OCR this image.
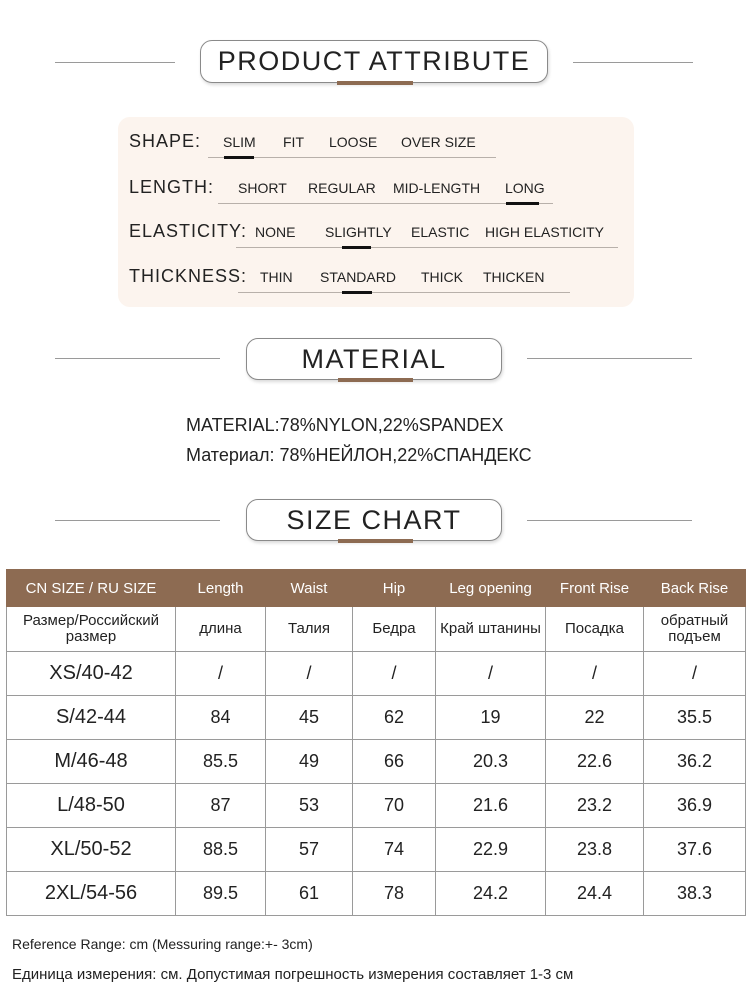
PRODUCT ATTRIBUTE
SHAPE: SLIM FIT LOOSE OVER SIZE
LENGTH: SHORT REGULAR MID-LENGTH LONG
ELASTICITY: NONE SLIGHTLY ELASTIC HIGH ELASTICITY
THICKNESS: THIN STANDARD THICK THICKEN
MATERIAL
MATERIAL:78%NYLON,22%SPANDEX
Материал: 78%НЕЙЛОН,22%СПАНДЕКС
SIZE CHART
CN SIZE / RU SIZE	Length	Waist	Hip	Leg opening	Front Rise	Back Rise
Размер/Российский размер	длина	Талия	Бедра	Край штанины	Посадка	обратный подъем
XS/40-42	/	/	/	/	/	/
S/42-44	84	45	62	19	22	35.5
M/46-48	85.5	49	66	20.3	22.6	36.2
L/48-50	87	53	70	21.6	23.2	36.9
XL/50-52	88.5	57	74	22.9	23.8	37.6
2XL/54-56	89.5	61	78	24.2	24.4	38.3
Reference Range: cm (Messuring range:+- 3cm)
Единица измерения: см. Допустимая погрешность измерения составляет 1-3 см
